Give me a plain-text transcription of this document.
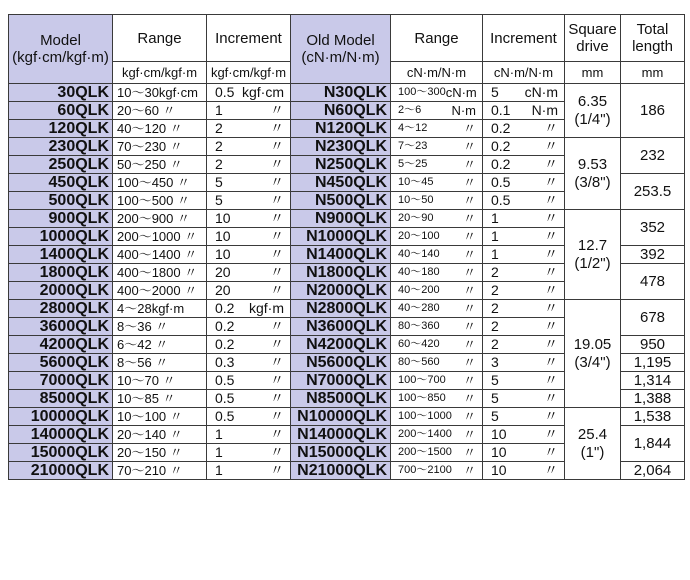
Model (kgf·cm/kgf·m)	Range	Increment	Old Model (cN·m/N·m)	Range	Increment	Square drive	Total length
	kgf·cm/kgf·m	kgf·cm/kgf·m		cN·m/N·m	cN·m/N·m	mm	mm
30QLK	10～30kgf·cm	0.5 kgf·cm	N30QLK	100～300 cN·m	5 cN·m	6.35 (1/4")	186
60QLK	20～60 〃	1 〃	N60QLK	2～6 N·m	0.1 N·m		

120QLK	40～120 〃	2 〃	N120QLK	4～12 〃	0.2 〃		

230QLK	70～230 〃	2 〃	N230QLK	7～23 〃	0.2 〃	9.53 (3/8")	232
250QLK	50～250 〃	2 〃	N250QLK	5～25 〃	0.2 〃		

450QLK	100～450 〃	5 〃	N450QLK	10～45 〃	0.5 〃		253.5
500QLK	100～500 〃	5 〃	N500QLK	10～50 〃	0.5 〃		

900QLK	200～900 〃	10 〃	N900QLK	20～90 〃	1 〃	12.7 (1/2")	352
1000QLK	200～1000 〃	10 〃	N1000QLK	20～100 〃	1 〃		

1400QLK	400～1400 〃	10 〃	N1400QLK	40～140 〃	1 〃		392
1800QLK	400～1800 〃	20 〃	N1800QLK	40～180 〃	2 〃		478
2000QLK	400～2000 〃	20 〃	N2000QLK	40～200 〃	2 〃		

2800QLK	4～28kgf·m	0.2 kgf·m	N2800QLK	40～280 〃	2 〃	19.05 (3/4")	678
3600QLK	8～36 〃	0.2 〃	N3600QLK	80～360 〃	2 〃		

4200QLK	6～42 〃	0.2 〃	N4200QLK	60～420 〃	2 〃		950
5600QLK	8～56 〃	0.3 〃	N5600QLK	80～560 〃	3 〃		1,195
7000QLK	10～70 〃	0.5 〃	N7000QLK	100～700 〃	5 〃		1,314
8500QLK	10～85 〃	0.5 〃	N8500QLK	100～850 〃	5 〃		1,388
10000QLK	10～100 〃	0.5 〃	N10000QLK	100～1000 〃	5 〃	25.4 (1")	1,538
14000QLK	20～140 〃	1 〃	N14000QLK	200～1400 〃	10 〃		1,844
15000QLK	20～150 〃	1 〃	N15000QLK	200～1500 〃	10 〃		

21000QLK	70～210 〃	1 〃	N21000QLK	700～2100 〃	10 〃		2,064
